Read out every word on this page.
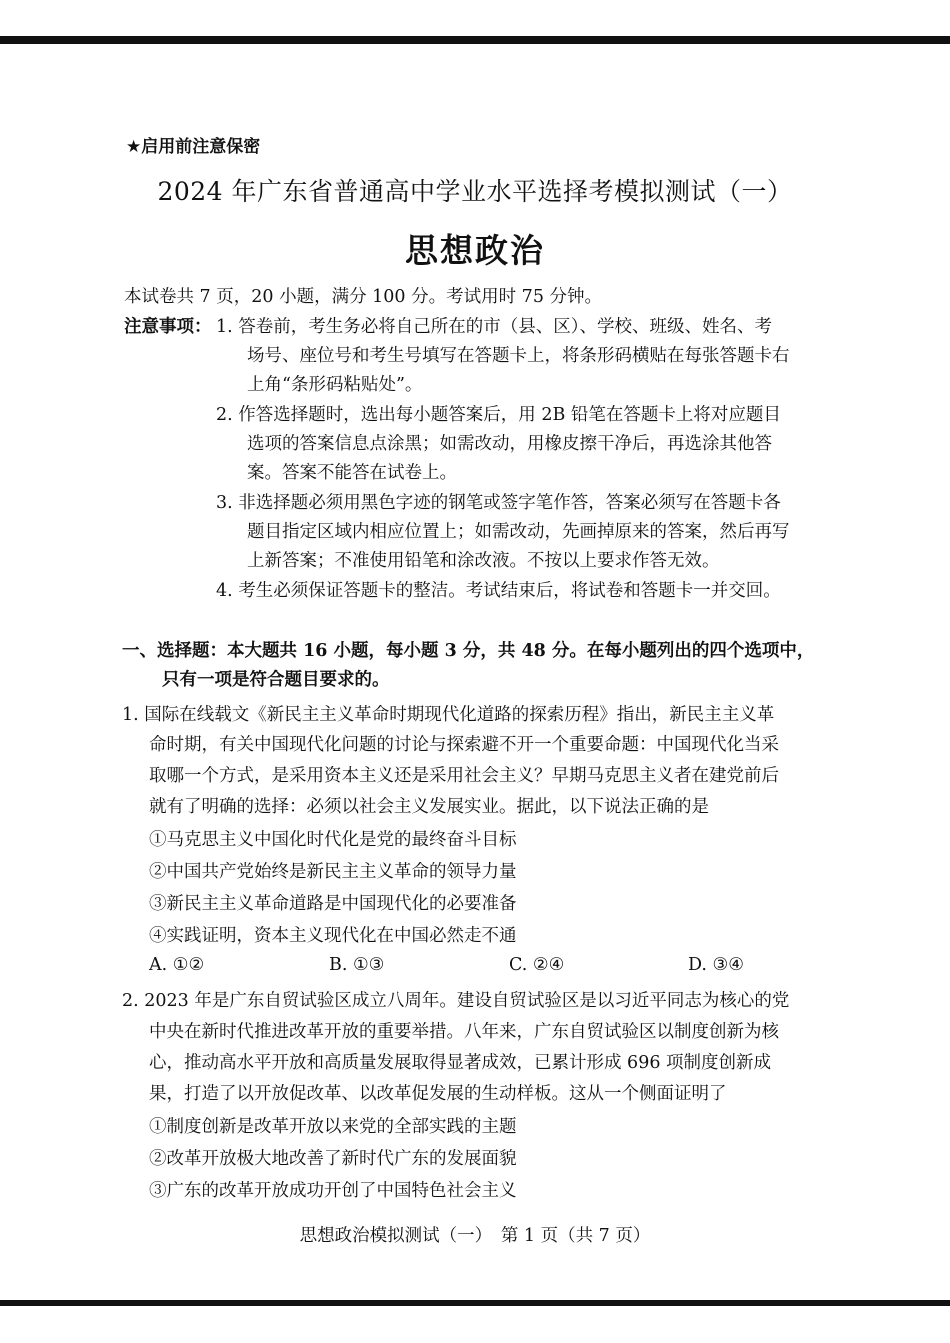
★启用前注意保密
2024 年广东省普通高中学业水平选择考模拟测试（一）
思想政治
本试卷共 7 页，20 小题，满分 100 分。考试用时 75 分钟。
注意事项： 1. 答卷前，考生务必将自己所在的市（县、区）、学校、班级、姓名、考
场号、座位号和考生号填写在答题卡上，将条形码横贴在每张答题卡右
上角“条形码粘贴处”。
2. 作答选择题时，选出每小题答案后，用 2B 铅笔在答题卡上将对应题目
选项的答案信息点涂黑；如需改动，用橡皮擦干净后，再选涂其他答
案。答案不能答在试卷上。
3. 非选择题必须用黑色字迹的钢笔或签字笔作答，答案必须写在答题卡各
题目指定区域内相应位置上；如需改动，先画掉原来的答案，然后再写
上新答案；不准使用铅笔和涂改液。不按以上要求作答无效。
4. 考生必须保证答题卡的整洁。考试结束后，将试卷和答题卡一并交回。
一、选择题：本大题共 16 小题，每小题 3 分，共 48 分。在每小题列出的四个选项中，
只有一项是符合题目要求的。
1. 国际在线载文《新民主主义革命时期现代化道路的探索历程》指出，新民主主义革
命时期，有关中国现代化问题的讨论与探索避不开一个重要命题：中国现代化当采
取哪一个方式，是采用资本主义还是采用社会主义？早期马克思主义者在建党前后
就有了明确的选择：必须以社会主义发展实业。据此，以下说法正确的是
①马克思主义中国化时代化是党的最终奋斗目标
②中国共产党始终是新民主主义革命的领导力量
③新民主主义革命道路是中国现代化的必要准备
④实践证明，资本主义现代化在中国必然走不通
A. ①②	B. ①③	C. ②④	D. ③④
2. 2023 年是广东自贸试验区成立八周年。建设自贸试验区是以习近平同志为核心的党
中央在新时代推进改革开放的重要举措。八年来，广东自贸试验区以制度创新为核
心，推动高水平开放和高质量发展取得显著成效，已累计形成 696 项制度创新成
果，打造了以开放促改革、以改革促发展的生动样板。这从一个侧面证明了
①制度创新是改革开放以来党的全部实践的主题
②改革开放极大地改善了新时代广东的发展面貌
③广东的改革开放成功开创了中国特色社会主义
思想政治模拟测试（一）　第 1 页（共 7 页）
